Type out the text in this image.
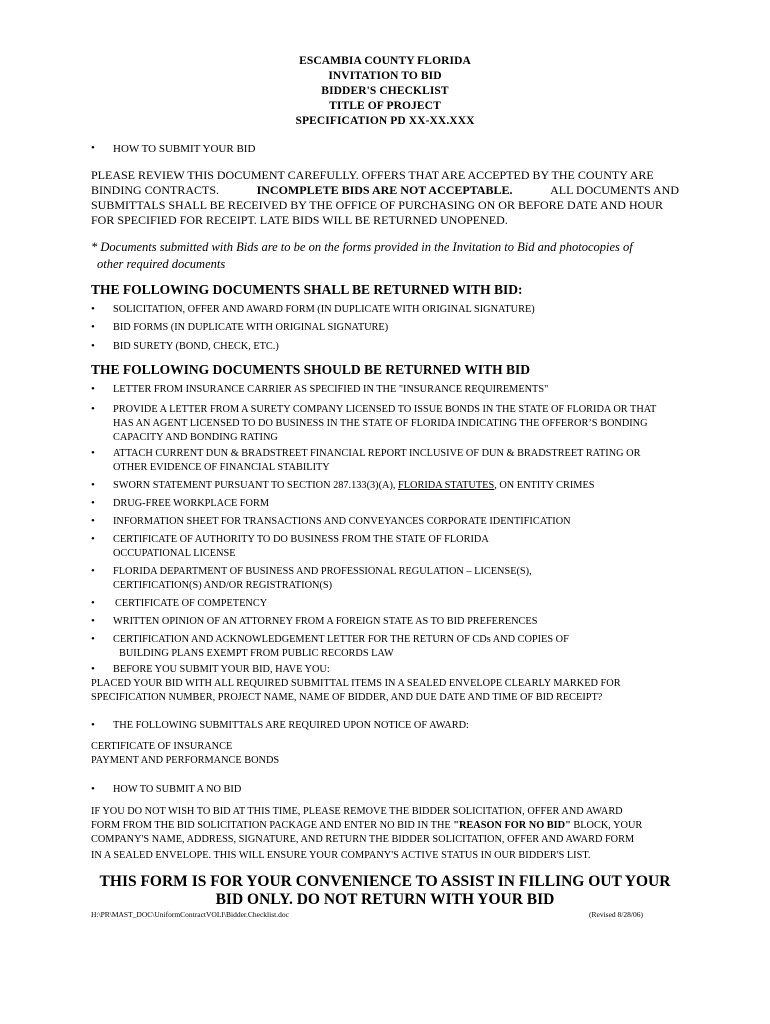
ESCAMBIA COUNTY FLORIDA
INVITATION TO BID
BIDDER'S CHECKLIST
TITLE OF PROJECT
SPECIFICATION PD XX-XX.XXX
• HOW TO SUBMIT YOUR BID
PLEASE REVIEW THIS DOCUMENT CAREFULLY. OFFERS THAT ARE ACCEPTED BY THE COUNTY ARE
BINDING CONTRACTS.	INCOMPLETE BIDS ARE NOT ACCEPTABLE.	ALL DOCUMENTS AND
SUBMITTALS SHALL BE RECEIVED BY THE OFFICE OF PURCHASING ON OR BEFORE DATE AND HOUR
FOR SPECIFIED FOR RECEIPT. LATE BIDS WILL BE RETURNED UNOPENED.
* Documents submitted with Bids are to be on the forms provided in the Invitation to Bid and photocopies of
other required documents
THE FOLLOWING DOCUMENTS SHALL BE RETURNED WITH BID:
• SOLICITATION, OFFER AND AWARD FORM (IN DUPLICATE WITH ORIGINAL SIGNATURE)
• BID FORMS (IN DUPLICATE WITH ORIGINAL SIGNATURE)
• BID SURETY (BOND, CHECK, ETC.)
THE FOLLOWING DOCUMENTS SHOULD BE RETURNED WITH BID
• LETTER FROM INSURANCE CARRIER AS SPECIFIED IN THE "INSURANCE REQUIREMENTS"
• PROVIDE A LETTER FROM A SURETY COMPANY LICENSED TO ISSUE BONDS IN THE STATE OF FLORIDA OR THAT
HAS AN AGENT LICENSED TO DO BUSINESS IN THE STATE OF FLORIDA INDICATING THE OFFEROR’S BONDING
CAPACITY AND BONDING RATING
• ATTACH CURRENT DUN & BRADSTREET FINANCIAL REPORT INCLUSIVE OF DUN & BRADSTREET RATING OR
OTHER EVIDENCE OF FINANCIAL STABILITY
• SWORN STATEMENT PURSUANT TO SECTION 287.133(3)(A), FLORIDA STATUTES, ON ENTITY CRIMES
• DRUG-FREE WORKPLACE FORM
• INFORMATION SHEET FOR TRANSACTIONS AND CONVEYANCES CORPORATE IDENTIFICATION
• CERTIFICATE OF AUTHORITY TO DO BUSINESS FROM THE STATE OF FLORIDA
OCCUPATIONAL LICENSE
• FLORIDA DEPARTMENT OF BUSINESS AND PROFESSIONAL REGULATION – LICENSE(S),
CERTIFICATION(S) AND/OR REGISTRATION(S)
• CERTIFICATE OF COMPETENCY
• WRITTEN OPINION OF AN ATTORNEY FROM A FOREIGN STATE AS TO BID PREFERENCES
• CERTIFICATION AND ACKNOWLEDGEMENT LETTER FOR THE RETURN OF CDs AND COPIES OF
BUILDING PLANS EXEMPT FROM PUBLIC RECORDS LAW
• BEFORE YOU SUBMIT YOUR BID, HAVE YOU:
PLACED YOUR BID WITH ALL REQUIRED SUBMITTAL ITEMS IN A SEALED ENVELOPE CLEARLY MARKED FOR
SPECIFICATION NUMBER, PROJECT NAME, NAME OF BIDDER, AND DUE DATE AND TIME OF BID RECEIPT?
• THE FOLLOWING SUBMITTALS ARE REQUIRED UPON NOTICE OF AWARD:
CERTIFICATE OF INSURANCE
PAYMENT AND PERFORMANCE BONDS
• HOW TO SUBMIT A NO BID
IF YOU DO NOT WISH TO BID AT THIS TIME, PLEASE REMOVE THE BIDDER SOLICITATION, OFFER AND AWARD
FORM FROM THE BID SOLICITATION PACKAGE AND ENTER NO BID IN THE "REASON FOR NO BID" BLOCK, YOUR
COMPANY'S NAME, ADDRESS, SIGNATURE, AND RETURN THE BIDDER SOLICITATION, OFFER AND AWARD FORM
IN A SEALED ENVELOPE. THIS WILL ENSURE YOUR COMPANY'S ACTIVE STATUS IN OUR BIDDER'S LIST.
THIS FORM IS FOR YOUR CONVENIENCE TO ASSIST IN FILLING OUT YOUR
BID ONLY. DO NOT RETURN WITH YOUR BID
H:\PR\MAST_DOC\UniformContractVOLI\Bidder.Checklist.doc	(Revised 8/28/06)
